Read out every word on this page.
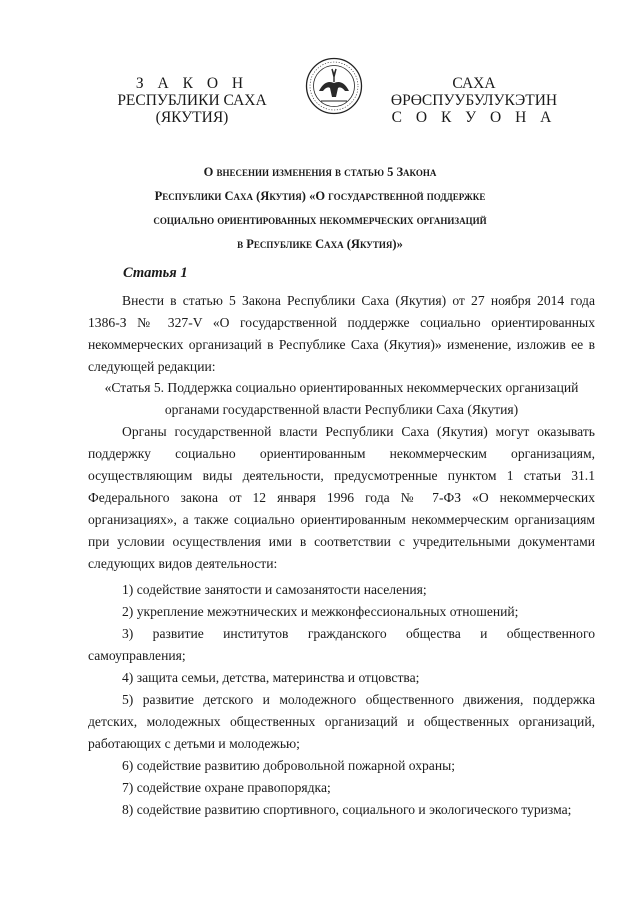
З А К О Н
РЕСПУБЛИКИ САХА (ЯКУТИЯ)
САХА ӨРӨСПУУБУЛУКЭТИН
С О К У О Н А
О внесении изменения в статью 5 Закона
Республики Саха (Якутия) «О государственной поддержке
социально ориентированных некоммерческих организаций
в Республике Саха (Якутия)»
Статья 1

Внести в статью 5 Закона Республики Саха (Якутия) от 27 ноября 2014 года 1386-З № 327-V «О государственной поддержке социально ориентированных некоммерческих организаций в Республике Саха (Якутия)» изменение, изложив ее в следующей редакции:

«Статья 5. Поддержка социально ориентированных некоммерческих организаций

органами государственной власти Республики Саха (Якутия)

Органы государственной власти Республики Саха (Якутия) могут оказывать поддержку социально ориентированным некоммерческим организациям, осуществляющим виды деятельности, предусмотренные пунктом 1 статьи 31.1 Федерального закона от 12 января 1996 года № 7-ФЗ «О некоммерческих организациях», а также социально ориентированным некоммерческим организациям при условии осуществления ими в соответствии с учредительными документами следующих видов деятельности:

1) содействие занятости и самозанятости населения;

2) укрепление межэтнических и межконфессиональных отношений;

3) развитие институтов гражданского общества и общественного самоуправления;

4) защита семьи, детства, материнства и отцовства;

5) развитие детского и молодежного общественного движения, поддержка детских, молодежных общественных организаций и общественных организаций, работающих с детьми и молодежью;

6) содействие развитию добровольной пожарной охраны;

7) содействие охране правопорядка;

8) содействие развитию спортивного, социального и экологического туризма;
